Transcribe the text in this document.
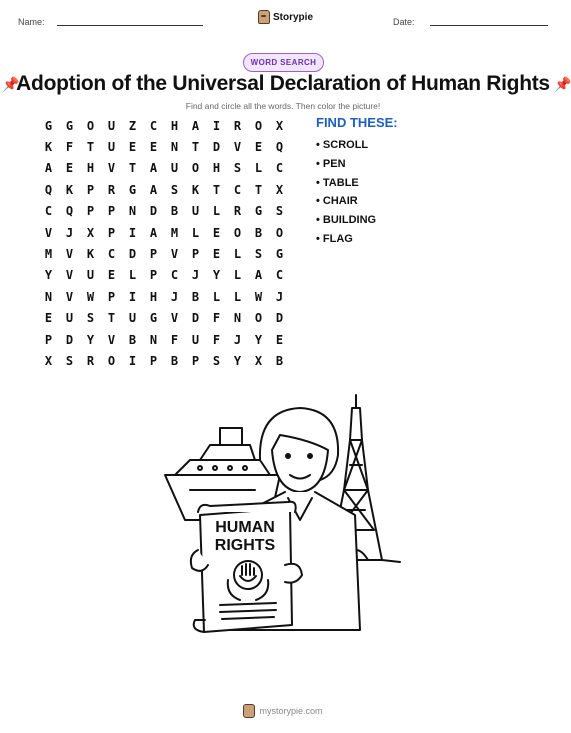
Name:	Storypie	Date:
WORD SEARCH
📌
Adoption of the Universal Declaration of Human Rights 📌
Find and circle all the words. Then color the picture!
G	G	O	U	Z	C	H	A	I	R	O	X
K	F	T	U	E	E	N	T	D	V	E	Q
A	E	H	V	T	A	U	O	H	S	L	C
Q	K	P	R	G	A	S	K	T	C	T	X
C	Q	P	P	N	D	B	U	L	R	G	S
V	J	X	P	I	A	M	L	E	O	B	O
M	V	K	C	D	P	V	P	E	L	S	G
Y	V	U	E	L	P	C	J	Y	L	A	C
N	V	W	P	I	H	J	B	L	L	W	J
E	U	S	T	U	G	V	D	F	N	O	D
P	D	Y	V	B	N	F	U	F	J	Y	E
X	S	R	O	I	P	B	P	S	Y	X	B
FIND THESE:
• SCROLL
• PEN
• TABLE
• CHAIR
• BUILDING
• FLAG
HUMAN
RIGHTS
mystorypie.com
